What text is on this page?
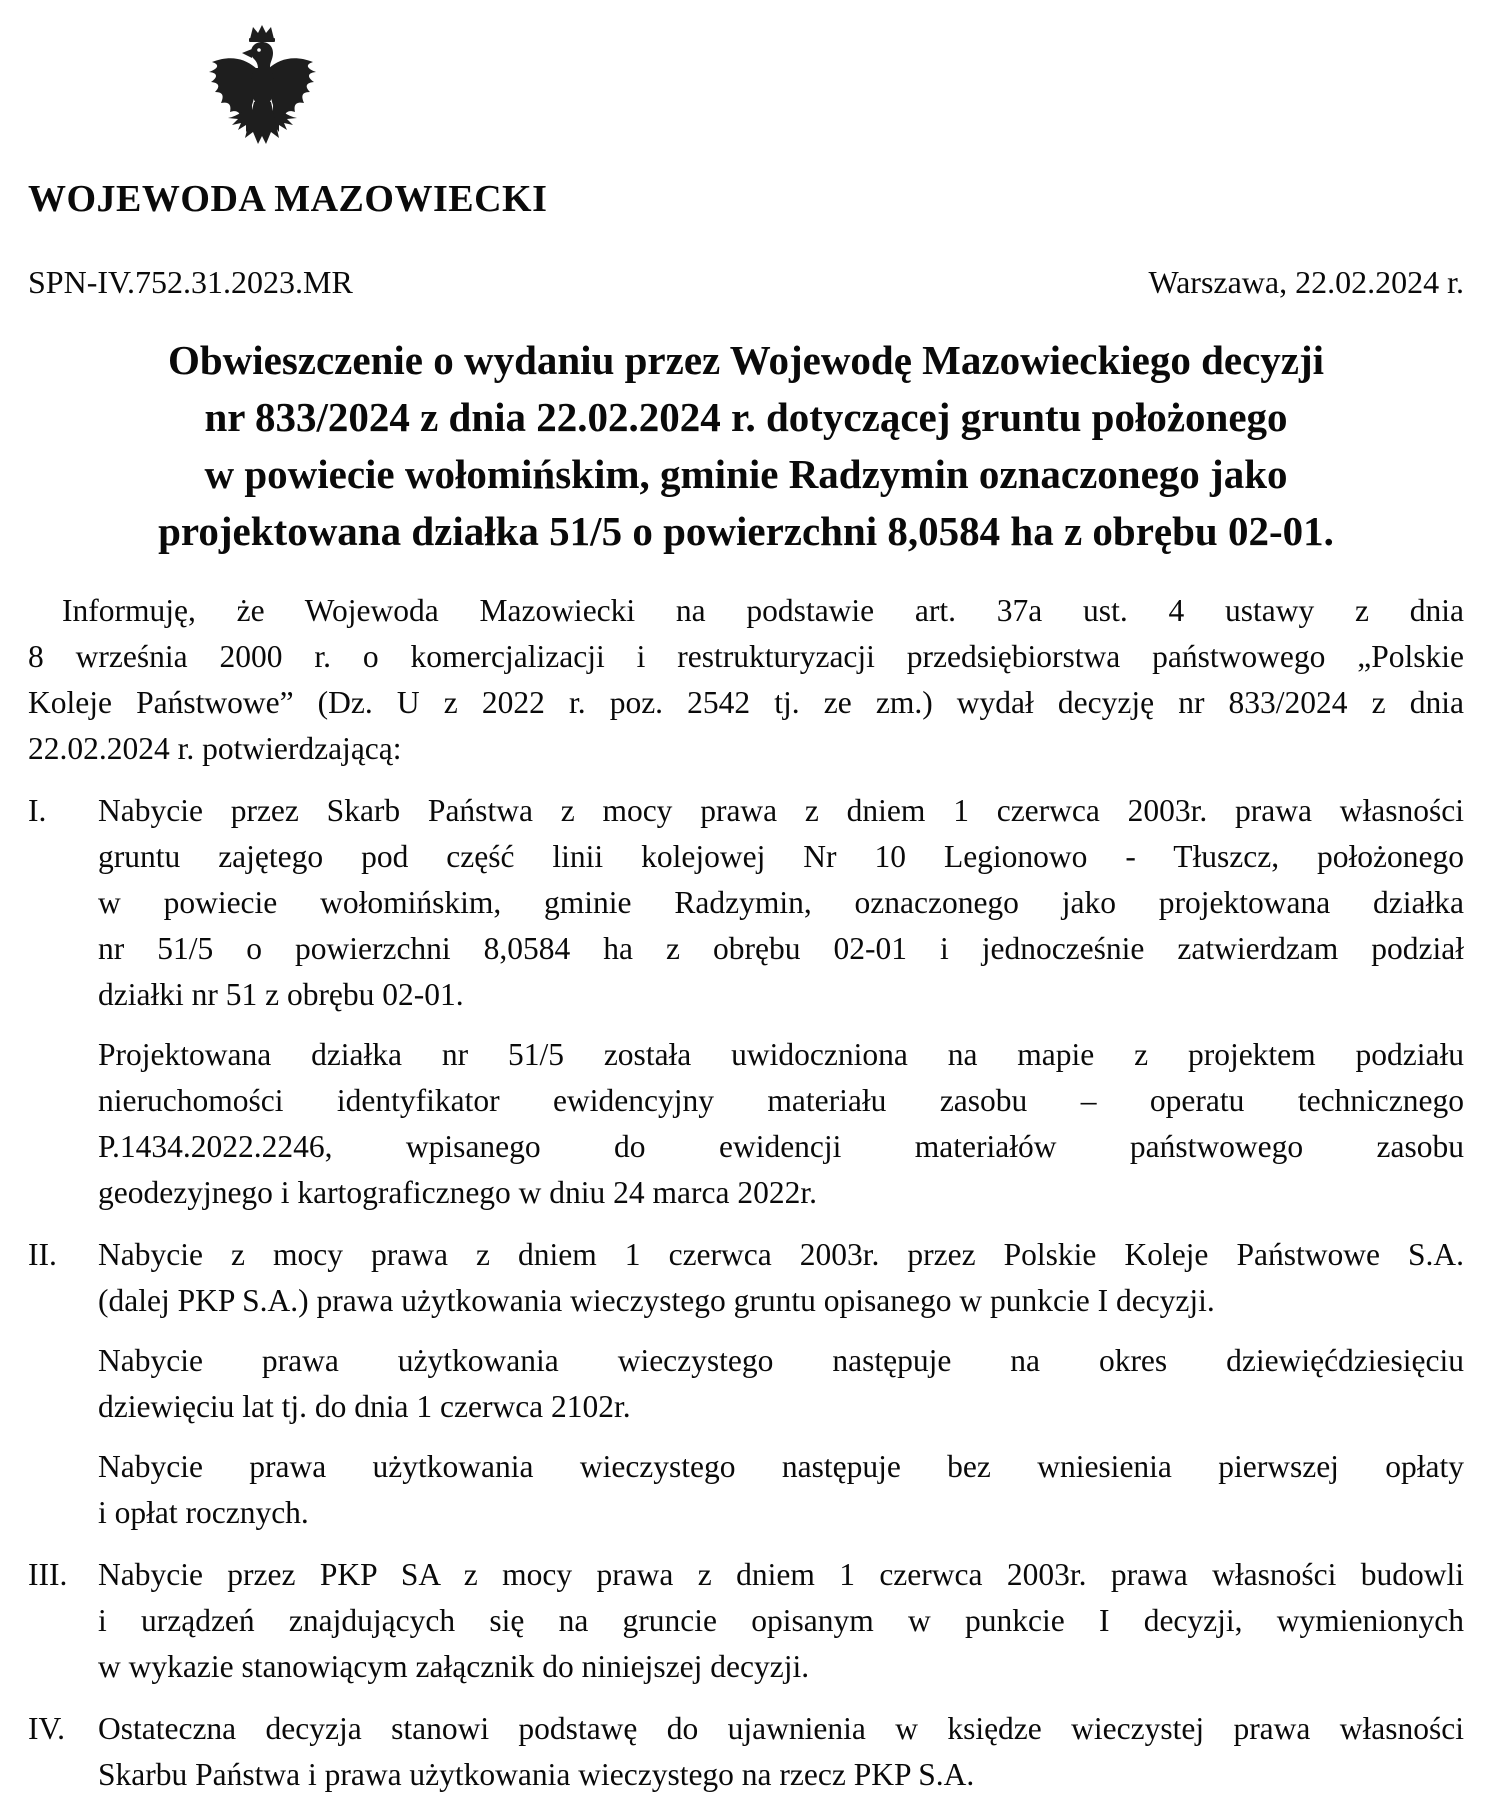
WOJEWODA MAZOWIECKI
SPN-IV.752.31.2023.MR	Warszawa, 22.02.2024 r.
Obwieszczenie o wydaniu przez Wojewodę Mazowieckiego decyzji
nr 833/2024 z dnia 22.02.2024 r. dotyczącej gruntu położonego
w powiecie wołomińskim, gminie Radzymin oznaczonego jako
projektowana działka 51/5 o powierzchni 8,0584 ha z obrębu 02-01.
Informuję, że Wojewoda Mazowiecki na podstawie art. 37a ust. 4 ustawy z dnia
8 września 2000 r. o komercjalizacji i restrukturyzacji przedsiębiorstwa państwowego „Polskie
Koleje Państwowe” (Dz. U z 2022 r. poz. 2542 tj. ze zm.) wydał decyzję nr 833/2024 z dnia
22.02.2024 r. potwierdzającą:
I.	Nabycie przez Skarb Państwa z mocy prawa z dniem 1 czerwca 2003r. prawa własności
gruntu zajętego pod część linii kolejowej Nr 10 Legionowo - Tłuszcz, położonego
w powiecie wołomińskim, gminie Radzymin, oznaczonego jako projektowana działka
nr 51/5 o powierzchni 8,0584 ha z obrębu 02-01 i jednocześnie zatwierdzam podział
działki nr 51 z obrębu 02-01.
Projektowana działka nr 51/5 została uwidoczniona na mapie z projektem podziału
nieruchomości identyfikator ewidencyjny materiału zasobu – operatu technicznego
P.1434.2022.2246, wpisanego do ewidencji materiałów państwowego zasobu
geodezyjnego i kartograficznego w dniu 24 marca 2022r.
II.	Nabycie z mocy prawa z dniem 1 czerwca 2003r. przez Polskie Koleje Państwowe S.A.
(dalej PKP S.A.) prawa użytkowania wieczystego gruntu opisanego w punkcie I decyzji.
Nabycie prawa użytkowania wieczystego następuje na okres dziewięćdziesięciu
dziewięciu lat tj. do dnia 1 czerwca 2102r.
Nabycie prawa użytkowania wieczystego następuje bez wniesienia pierwszej opłaty
i opłat rocznych.
III. Nabycie przez PKP SA z mocy prawa z dniem 1 czerwca 2003r. prawa własności budowli
i urządzeń znajdujących się na gruncie opisanym w punkcie I decyzji, wymienionych
w wykazie stanowiącym załącznik do niniejszej decyzji.
IV.	Ostateczna decyzja stanowi podstawę do ujawnienia w księdze wieczystej prawa własności
Skarbu Państwa i prawa użytkowania wieczystego na rzecz PKP S.A.
